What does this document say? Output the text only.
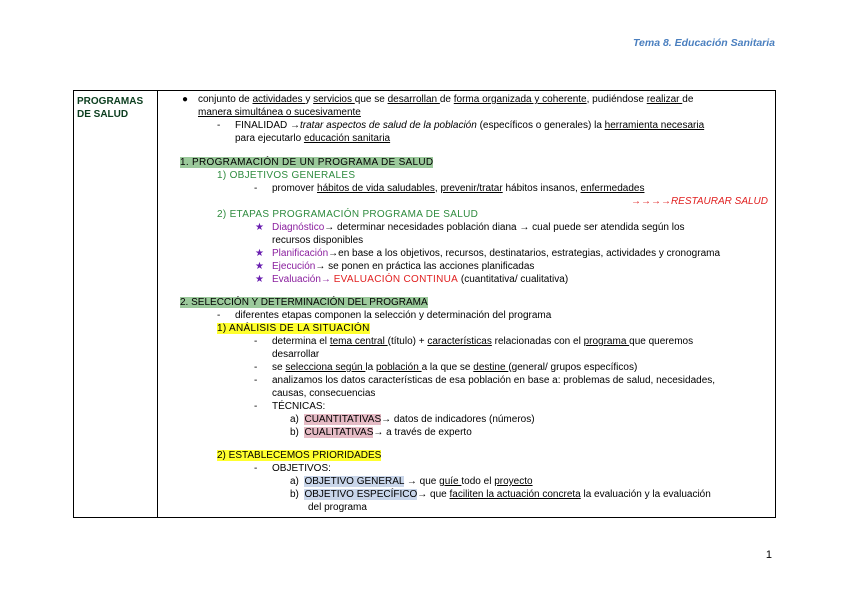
Tema 8. Educación Sanitaria
PROGRAMAS DE SALUD
● conjunto de actividades y servicios que se desarrollan de forma organizada y coherente, pudiéndose realizar de
manera simultánea o sucesivamente
- FINALIDAD →tratar aspectos de salud de la población (específicos o generales) la herramienta necesaria
para ejecutarlo educación sanitaria
1. PROGRAMACIÓN DE UN PROGRAMA DE SALUD
1) OBJETIVOS GENERALES
- promover hábitos de vida saludables, prevenir/tratar hábitos insanos, enfermedades
→→→→RESTAURAR SALUD
2) ETAPAS PROGRAMACIÓN PROGRAMA DE SALUD
★ Diagnóstico→ determinar necesidades población diana → cual puede ser atendida según los
recursos disponibles
★ Planificación→en base a los objetivos, recursos, destinatarios, estrategias, actividades y cronograma
★ Ejecución→ se ponen en práctica las acciones planificadas
★ Evaluación→ EVALUACIÓN CONTINUA (cuantitativa/ cualitativa)
2. SELECCIÓN Y DETERMINACIÓN DEL PROGRAMA
- diferentes etapas componen la selección y determinación del programa
1) ANÁLISIS DE LA SITUACIÓN
- determina el tema central (título) + características relacionadas con el programa que queremos
desarrollar
- se selecciona según la población a la que se destine (general/ grupos específicos)
- analizamos los datos características de esa población en base a: problemas de salud, necesidades,
causas, consecuencias
- TÉCNICAS:
a) CUANTITATIVAS→ datos de indicadores (números)
b) CUALITATIVAS→ a través de experto
2) ESTABLECEMOS PRIORIDADES
- OBJETIVOS:
a) OBJETIVO GENERAL → que guíe todo el proyecto
b) OBJETIVO ESPECÍFICO→ que faciliten la actuación concreta la evaluación y la evaluación
del programa
1
